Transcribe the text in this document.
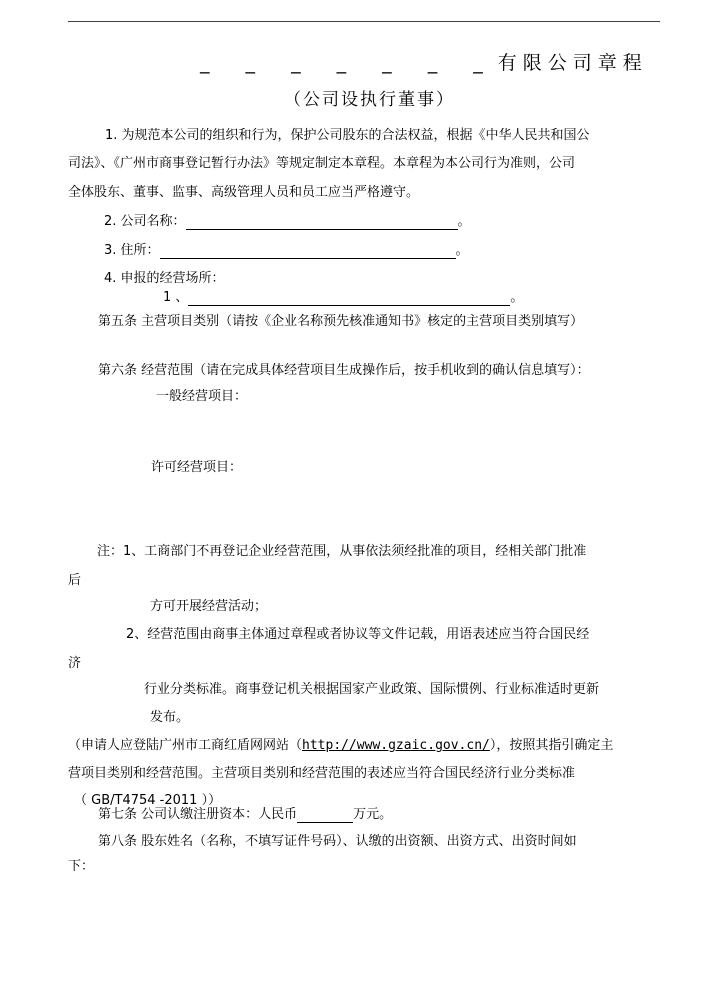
_ _ _ _ _ _ _有限公司章程
（公司设执行董事）
1. 为规范本公司的组织和行为，保护公司股东的合法权益，根据《中华人民共和国公
司法》、《广州市商事登记暂行办法》等规定制定本章程。本章程为本公司行为准则，公司
全体股东、董事、监事、高级管理人员和员工应当严格遵守。
2. 公司名称：	。
3. 住所：	。
4. 申报的经营场所：
1 、	。
第五条 主营项目类别（请按《企业名称预先核准通知书》核定的主营项目类别填写）
第六条 经营范围（请在完成具体经营项目生成操作后，按手机收到的确认信息填写）：
一般经营项目：
许可经营项目：
注：1、工商部门不再登记企业经营范围，从事依法须经批准的项目，经相关部门批准
后
方可开展经营活动；
2、经营范围由商事主体通过章程或者协议等文件记载，用语表述应当符合国民经
济
行业分类标准。商事登记机关根据国家产业政策、国际惯例、行业标准适时更新
发布。
（申请人应登陆广州市工商红盾网网站（http://www.gzaic.gov.cn/），按照其指引确定主
营项目类别和经营范围。主营项目类别和经营范围的表述应当符合国民经济行业分类标准
（ GB/T4754 -2011 ））
第七条 公司认缴注册资本：人民币	万元。
第八条 股东姓名（名称，不填写证件号码）、认缴的出资额、出资方式、出资时间如
下：
